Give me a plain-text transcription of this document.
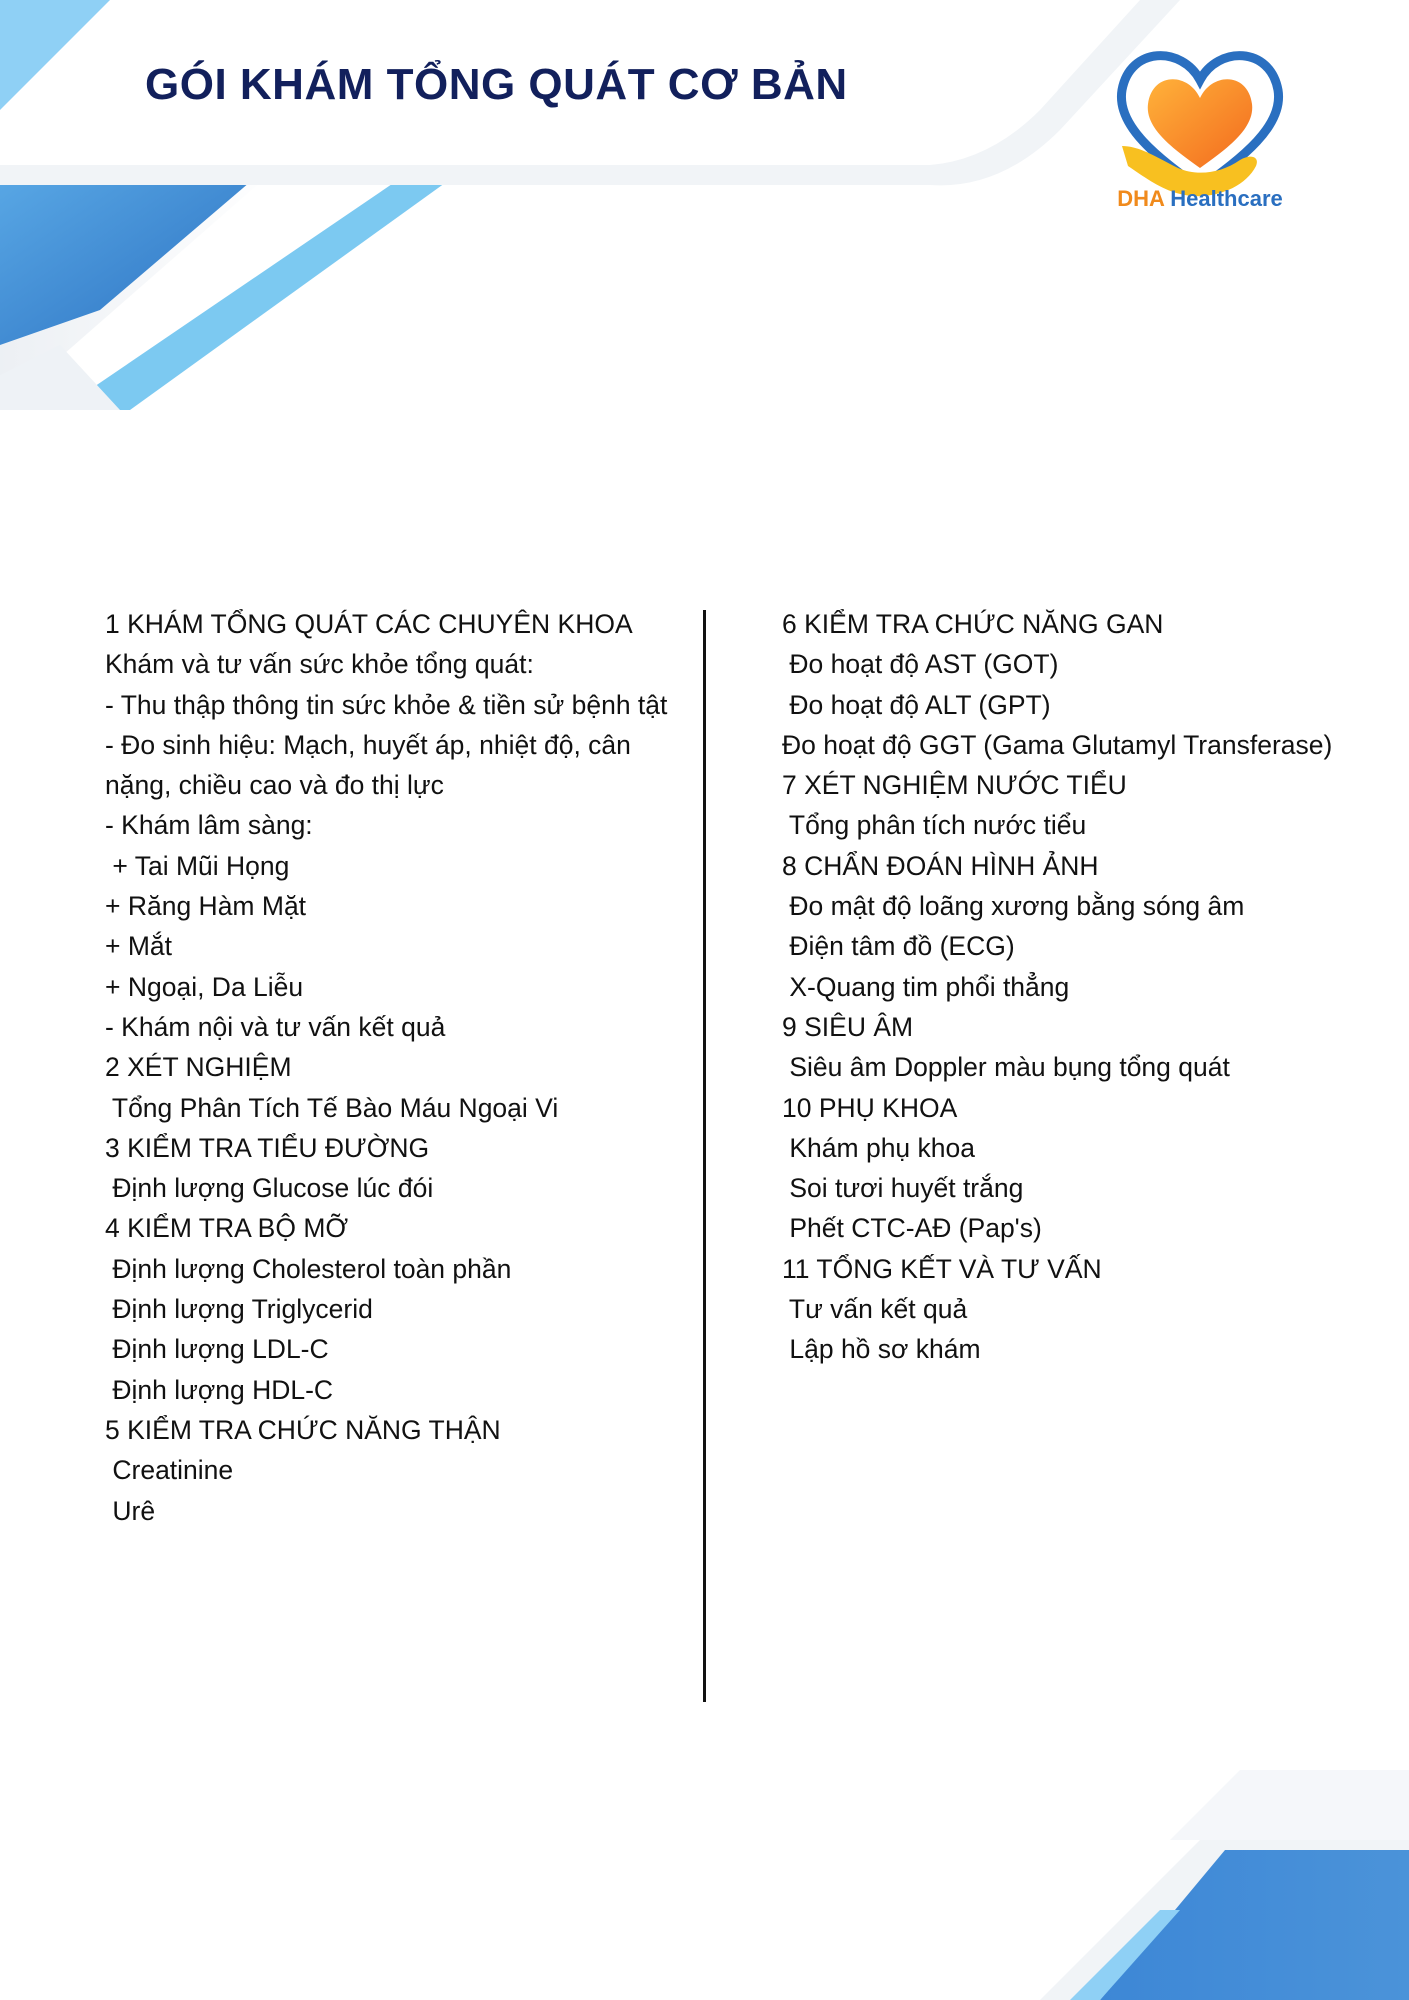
GÓI KHÁM TỔNG QUÁT CƠ BẢN
DHA Healthcare
1 KHÁM TỔNG QUÁT CÁC CHUYÊN KHOA
Khám và tư vấn sức khỏe tổng quát:
- Thu thập thông tin sức khỏe & tiền sử bệnh tật
- Đo sinh hiệu: Mạch, huyết áp, nhiệt độ, cân nặng, chiều cao và đo thị lực
- Khám lâm sàng:
+ Tai Mũi Họng
+ Răng Hàm Mặt
+ Mắt
+ Ngoại, Da Liễu
- Khám nội và tư vấn kết quả
2 XÉT NGHIỆM
Tổng Phân Tích Tế Bào Máu Ngoại Vi
3 KIỂM TRA TIỂU ĐƯỜNG
Định lượng Glucose lúc đói
4 KIỂM TRA BỘ MỠ
Định lượng Cholesterol toàn phần
Định lượng Triglycerid
Định lượng LDL-C
Định lượng HDL-C
5 KIỂM TRA CHỨC NĂNG THẬN
Creatinine
Urê
6 KIỂM TRA CHỨC NĂNG GAN
Đo hoạt độ AST (GOT)
Đo hoạt độ ALT (GPT)
Đo hoạt độ GGT (Gama Glutamyl Transferase)
7 XÉT NGHIỆM NƯỚC TIỂU
Tổng phân tích nước tiểu
8 CHẨN ĐOÁN HÌNH ẢNH
Đo mật độ loãng xương bằng sóng âm
Điện tâm đồ (ECG)
X-Quang tim phổi thẳng
9 SIÊU ÂM
Siêu âm Doppler màu bụng tổng quát
10 PHỤ KHOA
Khám phụ khoa
Soi tươi huyết trắng
Phết CTC-AĐ (Pap's)
11 TỔNG KẾT VÀ TƯ VẤN
Tư vấn kết quả
Lập hồ sơ khám
